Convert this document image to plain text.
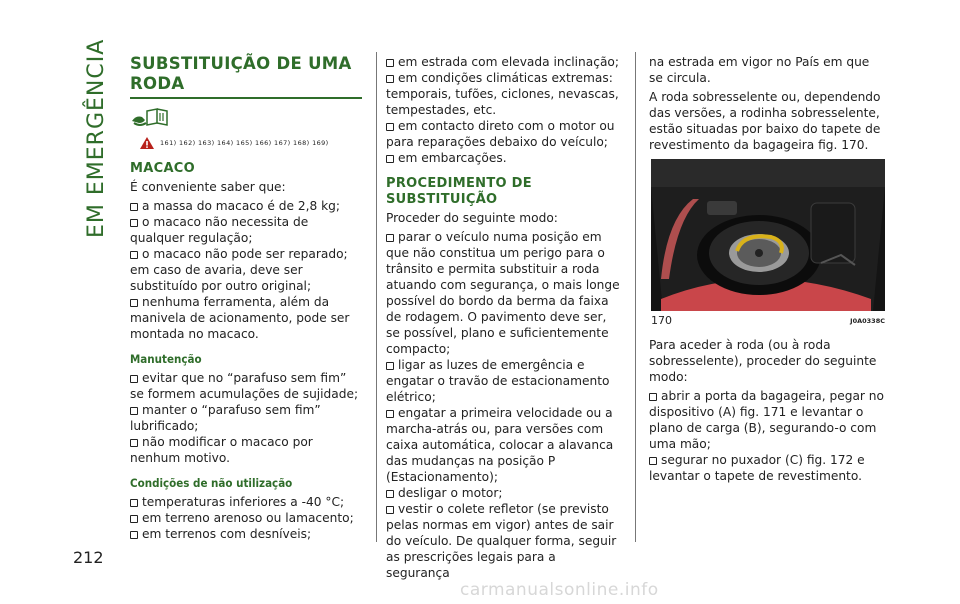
EM EMERGÊNCIA
212
SUBSTITUIÇÃO DE UMA
RODA
161) 162) 163) 164) 165) 166) 167) 168) 169)
MACACO

É conveniente saber que:

a massa do macaco é de 2,8 kg;
o macaco não necessita de qualquer regulação;
o macaco não pode ser reparado; em caso de avaria, deve ser substituído por outro original;
nenhuma ferramenta, além da manivela de acionamento, pode ser montada no macaco.
Manutenção
evitar que no “parafuso sem fim” se formem acumulações de sujidade;
manter o “parafuso sem fim” lubrificado;
não modificar o macaco por nenhum motivo.
Condições de não utilização
temperaturas inferiores a -40 °C;
em terreno arenoso ou lamacento;
em terrenos com desníveis;
em estrada com elevada inclinação;
em condições climáticas extremas: temporais, tufões, ciclones, nevascas, tempestades, etc.
em contacto direto com o motor ou para reparações debaixo do veículo;
em embarcações.
PROCEDIMENTO DE
SUBSTITUIÇÃO

Proceder do seguinte modo:

parar o veículo numa posição em que não constitua um perigo para o trânsito e permita substituir a roda atuando com segurança, o mais longe possível do bordo da berma da faixa de rodagem. O pavimento deve ser, se possível, plano e suficientemente compacto;
ligar as luzes de emergência e engatar o travão de estacionamento elétrico;
engatar a primeira velocidade ou a marcha-atrás ou, para versões com caixa automática, colocar a alavanca das mudanças na posição P (Estacionamento);
desligar o motor;
vestir o colete refletor (se previsto pelas normas em vigor) antes de sair do veículo. De qualquer forma, seguir as prescrições legais para a segurança

na estrada em vigor no País em que se circula.

A roda sobresselente ou, dependendo das versões, a rodinha sobresselente, estão situadas por baixo do tapete de revestimento da bagageira fig. 170.

170	J0A0338C

Para aceder à roda (ou à roda sobresselente), proceder do seguinte modo:

abrir a porta da bagageira, pegar no dispositivo (A) fig. 171 e levantar o plano de carga (B), segurando-o com uma mão;
segurar no puxador (C) fig. 172 e levantar o tapete de revestimento.
carmanualsonline.info
